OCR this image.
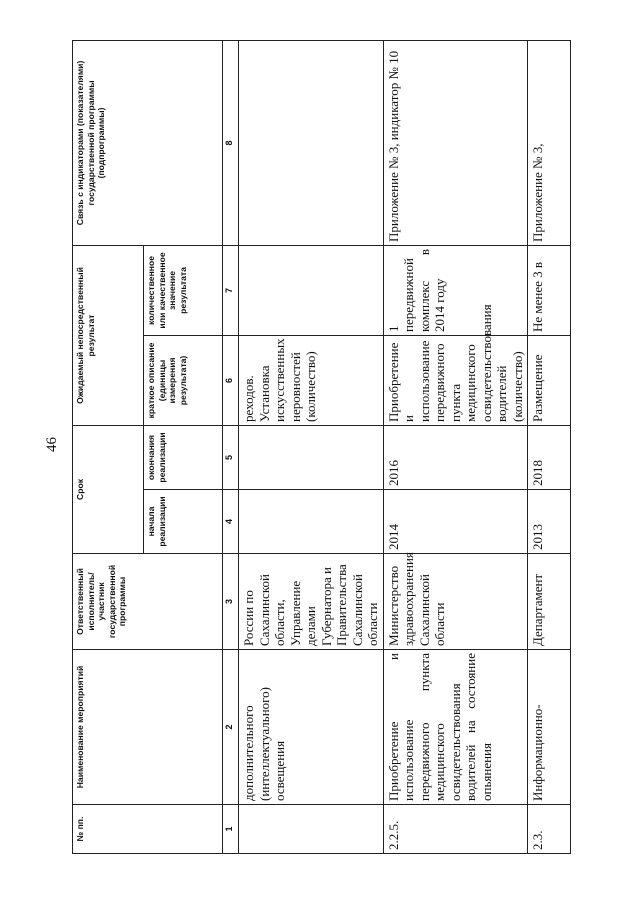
46
№ пп.	Наименование мероприятий	Ответственный исполнитель/ участник государственной программы	Срок		Ожидаемый непосредственный результат		Связь с индикаторами (показателями) государственной программы (подпрограммы)
			начала реализации	окончания реализации	краткое описание (единицы измерения результата)	количественное или качественное значение результата	
1	2	3	4	5	6	7	8
	дополнительного (интеллектуального) освещения	России по Сахалинской области, Управление делами Губернатора и Правительства Сахалинской области			реходов. Установка искусственных неровностей (количество)		
2.2.5.	Приобретение и использование передвижного пункта медицинского освидетельствования водителей на состояние опьянения	Министерство здравоохранения Сахалинской области	2014	2016	Приобретение и использование передвижного пункта медицинского освидетельствования водителей (количество)	1 передвижной комплекс в 2014 году	Приложение № 3, индикатор № 10
2.3.	Информационно-	Департамент	2013	2018	Размещение	Не менее 3 в	Приложение № 3,
